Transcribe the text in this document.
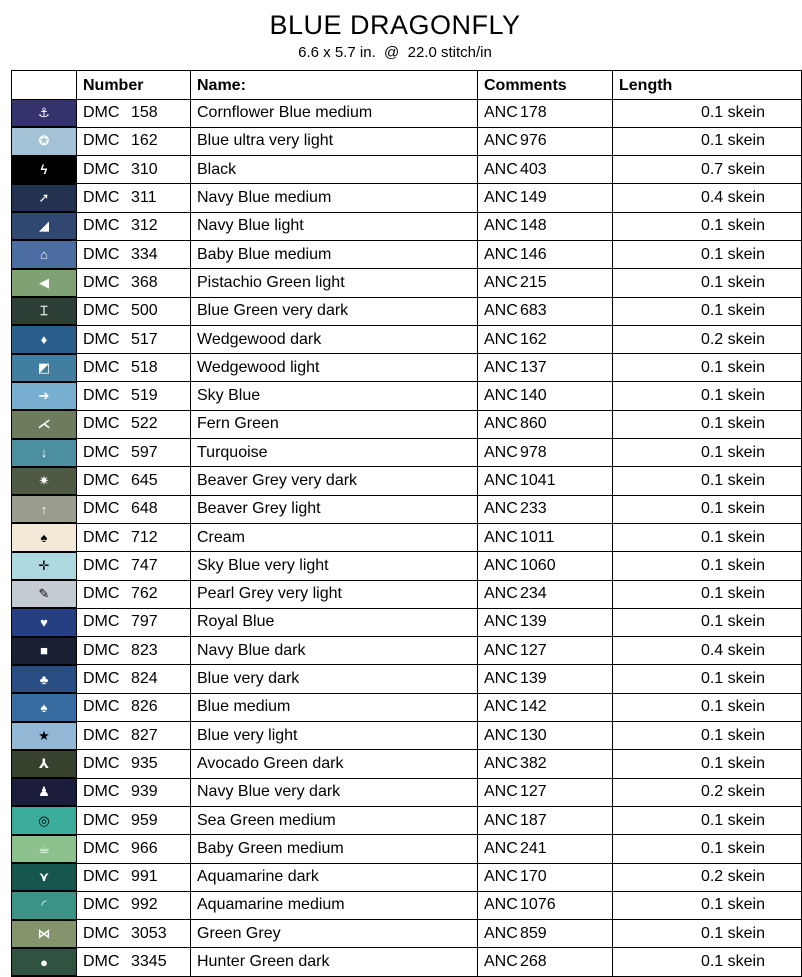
BLUE DRAGONFLY
6.6 x 5.7 in.  @  22.0 stitch/in
	Number	Name:	Comments	Length
⚓	DMC 158	Cornflower Blue medium	ANC 178	0.1 skein
✪	DMC 162	Blue ultra very light	ANC 976	0.1 skein
ϟ	DMC 310	Black	ANC 403	0.7 skein
➚	DMC 311	Navy Blue medium	ANC 149	0.4 skein
◢	DMC 312	Navy Blue light	ANC 148	0.1 skein
⌂	DMC 334	Baby Blue medium	ANC 146	0.1 skein
◀	DMC 368	Pistachio Green light	ANC 215	0.1 skein
⌶	DMC 500	Blue Green very dark	ANC 683	0.1 skein
♦	DMC 517	Wedgewood dark	ANC 162	0.2 skein
◩	DMC 518	Wedgewood light	ANC 137	0.1 skein
➔	DMC 519	Sky Blue	ANC 140	0.1 skein
⋌	DMC 522	Fern Green	ANC 860	0.1 skein
↓	DMC 597	Turquoise	ANC 978	0.1 skein
✷	DMC 645	Beaver Grey very dark	ANC 1041	0.1 skein
↑	DMC 648	Beaver Grey light	ANC 233	0.1 skein
♠	DMC 712	Cream	ANC 1011	0.1 skein
✛	DMC 747	Sky Blue very light	ANC 1060	0.1 skein
✎	DMC 762	Pearl Grey very light	ANC 234	0.1 skein
♥	DMC 797	Royal Blue	ANC 139	0.1 skein
■	DMC 823	Navy Blue dark	ANC 127	0.4 skein
♣	DMC 824	Blue very dark	ANC 139	0.1 skein
♠	DMC 826	Blue medium	ANC 142	0.1 skein
★	DMC 827	Blue very light	ANC 130	0.1 skein
⅄	DMC 935	Avocado Green dark	ANC 382	0.1 skein
♟	DMC 939	Navy Blue very dark	ANC 127	0.2 skein
◎	DMC 959	Sea Green medium	ANC 187	0.1 skein
☕	DMC 966	Baby Green medium	ANC 241	0.1 skein
⋎	DMC 991	Aquamarine dark	ANC 170	0.2 skein
◜	DMC 992	Aquamarine medium	ANC 1076	0.1 skein
⋈	DMC 3053	Green Grey	ANC 859	0.1 skein
●	DMC 3345	Hunter Green dark	ANC 268	0.1 skein
